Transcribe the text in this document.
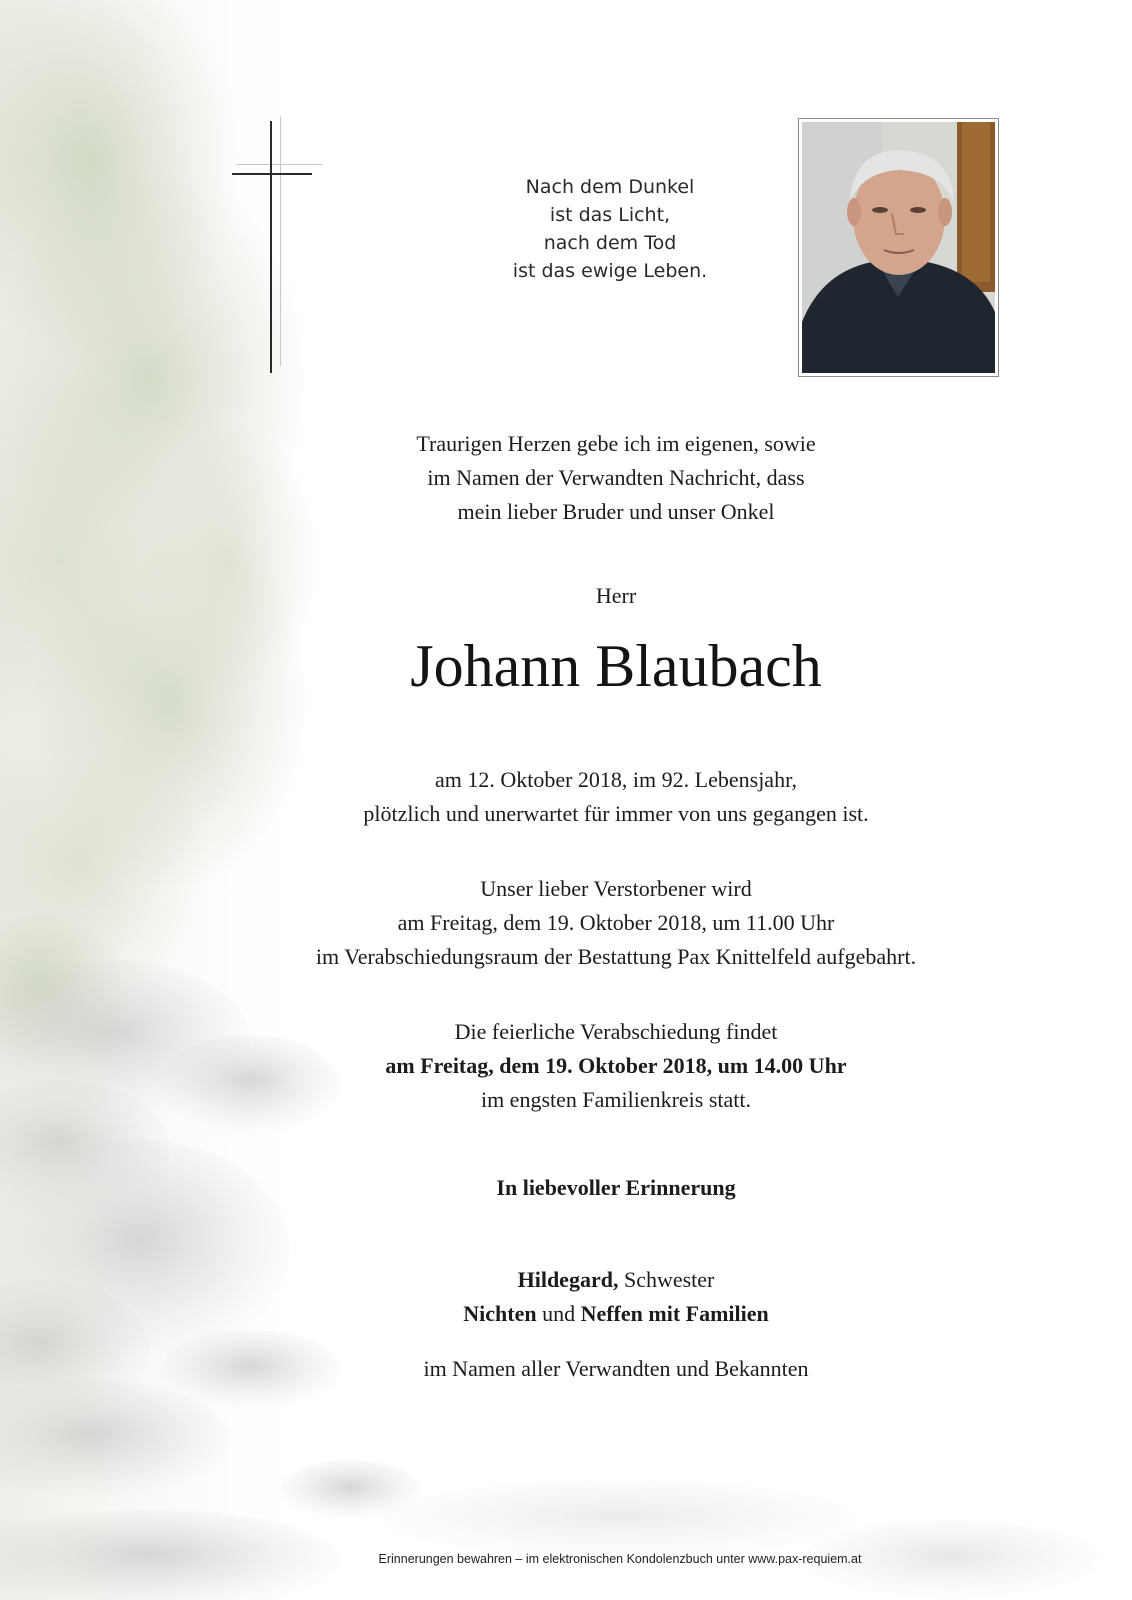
Nach dem Dunkel
ist das Licht,
nach dem Tod
ist das ewige Leben.
Traurigen Herzen gebe ich im eigenen, sowie
im Namen der Verwandten Nachricht, dass
mein lieber Bruder und unser Onkel
Herr
Johann Blaubach
am 12. Oktober 2018, im 92. Lebensjahr,
plötzlich und unerwartet für immer von uns gegangen ist.
Unser lieber Verstorbener wird
am Freitag, dem 19. Oktober 2018, um 11.00 Uhr
im Verabschiedungsraum der Bestattung Pax Knittelfeld aufgebahrt.
Die feierliche Verabschiedung findet
am Freitag, dem 19. Oktober 2018, um 14.00 Uhr
im engsten Familienkreis statt.
In liebevoller Erinnerung
Hildegard, Schwester
Nichten und Neffen mit Familien
im Namen aller Verwandten und Bekannten
Erinnerungen bewahren – im elektronischen Kondolenzbuch unter www.pax-requiem.at
